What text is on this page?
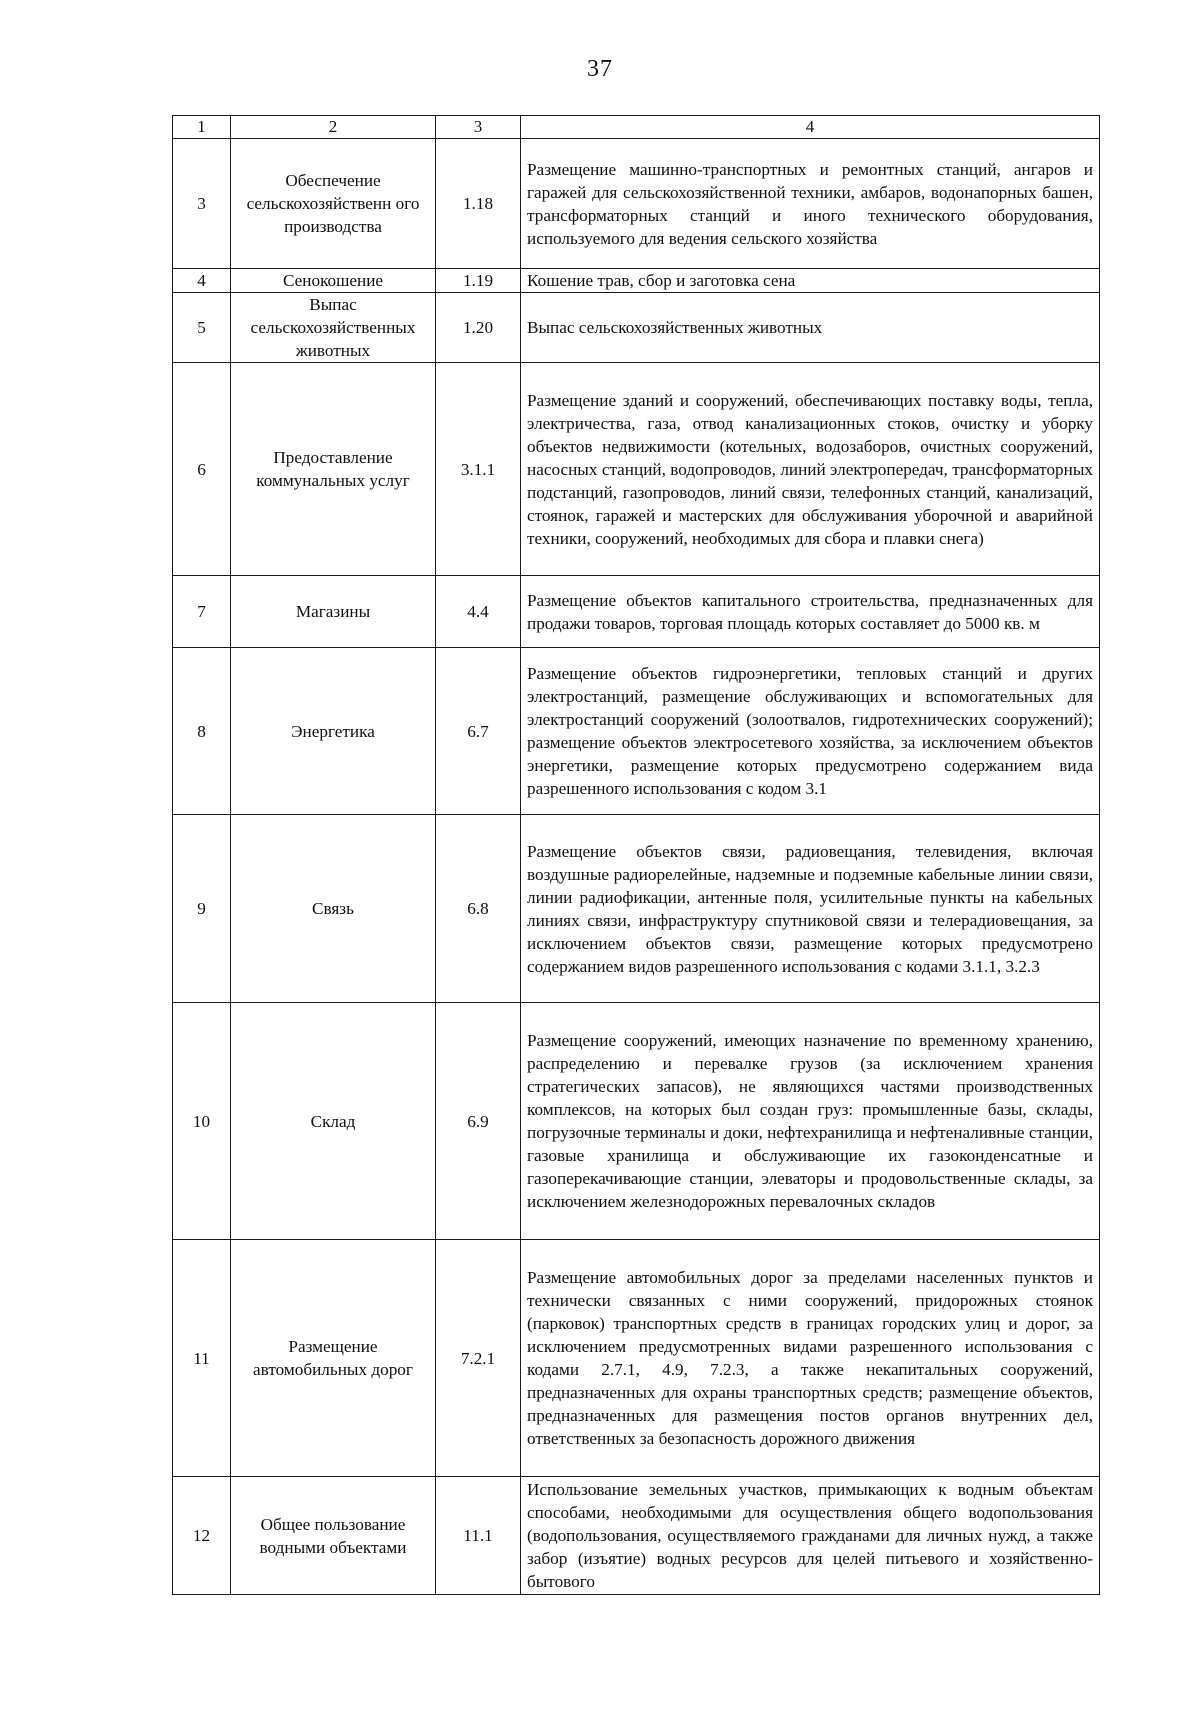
37
1	2	3	4
3	Обеспечение сельскохозяйственн ого производства	1.18	Размещение машинно-транспортных и ремонтных станций, ангаров и гаражей для сельскохозяйственной техники, амбаров, водонапорных башен, трансформаторных станций и иного технического оборудования, используемого для ведения сельского хозяйства
4	Сенокошение	1.19	Кошение трав, сбор и заготовка сена
5	Выпас сельскохозяйственных животных	1.20	Выпас сельскохозяйственных животных
6	Предоставление коммунальных услуг	3.1.1	Размещение зданий и сооружений, обеспечивающих поставку воды, тепла, электричества, газа, отвод канализационных стоков, очистку и уборку объектов недвижимости (котельных, водозаборов, очистных сооружений, насосных станций, водопроводов, линий электропередач, трансформаторных подстанций, газопроводов, линий связи, телефонных станций, канализаций, стоянок, гаражей и мастерских для обслуживания уборочной и аварийной техники, сооружений, необходимых для сбора и плавки снега)
7	Магазины	4.4	Размещение объектов капитального строительства, предназначенных для продажи товаров, торговая площадь которых составляет до 5000 кв. м
8	Энергетика	6.7	Размещение объектов гидроэнергетики, тепловых станций и других электростанций, размещение обслуживающих и вспомогательных для электростанций сооружений (золоотвалов, гидротехнических сооружений); размещение объектов электросетевого хозяйства, за исключением объектов энергетики, размещение которых предусмотрено содержанием вида разрешенного использования с кодом 3.1
9	Связь	6.8	Размещение объектов связи, радиовещания, телевидения, включая воздушные радиорелейные, надземные и подземные кабельные линии связи, линии радиофикации, антенные поля, усилительные пункты на кабельных линиях связи, инфраструктуру спутниковой связи и телерадиовещания, за исключением объектов связи, размещение которых предусмотрено содержанием видов разрешенного использования с кодами 3.1.1, 3.2.3
10	Склад	6.9	Размещение сооружений, имеющих назначение по временному хранению, распределению и перевалке грузов (за исключением хранения стратегических запасов), не являющихся частями производственных комплексов, на которых был создан груз: промышленные базы, склады, погрузочные терминалы и доки, нефтехранилища и нефтеналивные станции, газовые хранилища и обслуживающие их газоконденсатные и газоперекачивающие станции, элеваторы и продовольственные склады, за исключением железнодорожных перевалочных складов
11	Размещение автомобильных дорог	7.2.1	Размещение автомобильных дорог за пределами населенных пунктов и технически связанных с ними сооружений, придорожных стоянок (парковок) транспортных средств в границах городских улиц и дорог, за исключением предусмотренных видами разрешенного использования с кодами 2.7.1, 4.9, 7.2.3, а также некапитальных сооружений, предназначенных для охраны транспортных средств; размещение объектов, предназначенных для размещения постов органов внутренних дел, ответственных за безопасность дорожного движения
12	Общее пользование водными объектами	11.1	Использование земельных участков, примыкающих к водным объектам способами, необходимыми для осуществления общего водопользования (водопользования, осуществляемого гражданами для личных нужд, а также забор (изъятие) водных ресурсов для целей питьевого и хозяйственно-бытового
